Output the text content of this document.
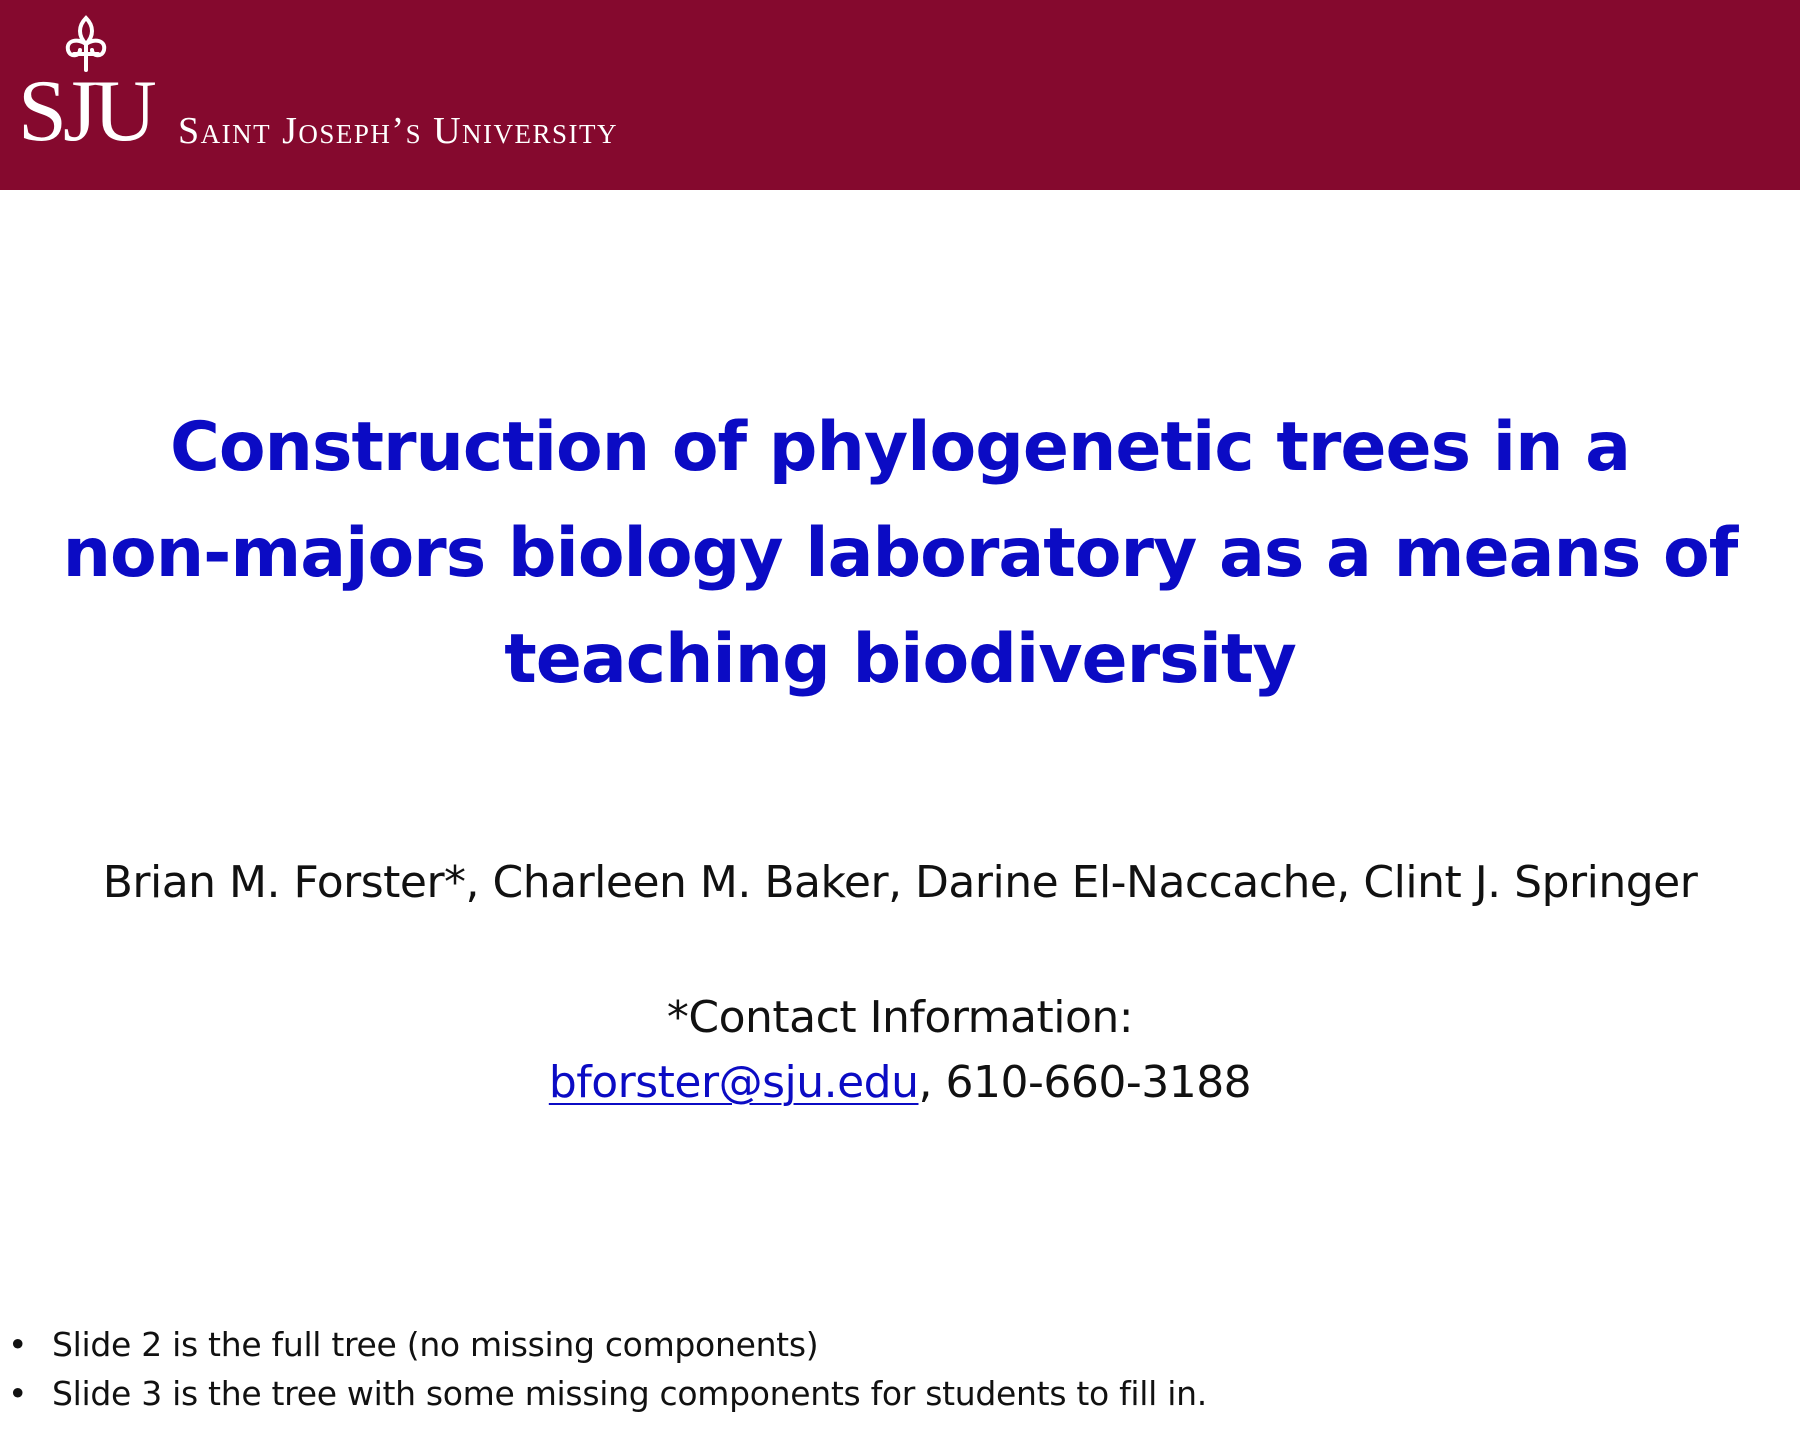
SJU Saint Joseph’s University
Construction of phylogenetic trees in a
non-majors biology laboratory as a means of
teaching biodiversity
Brian M. Forster*, Charleen M. Baker, Darine El-Naccache, Clint J. Springer
*Contact Information:
bforster@sju.edu, 610-660-3188
• Slide 2 is the full tree (no missing components)
• Slide 3 is the tree with some missing components for students to fill in.
